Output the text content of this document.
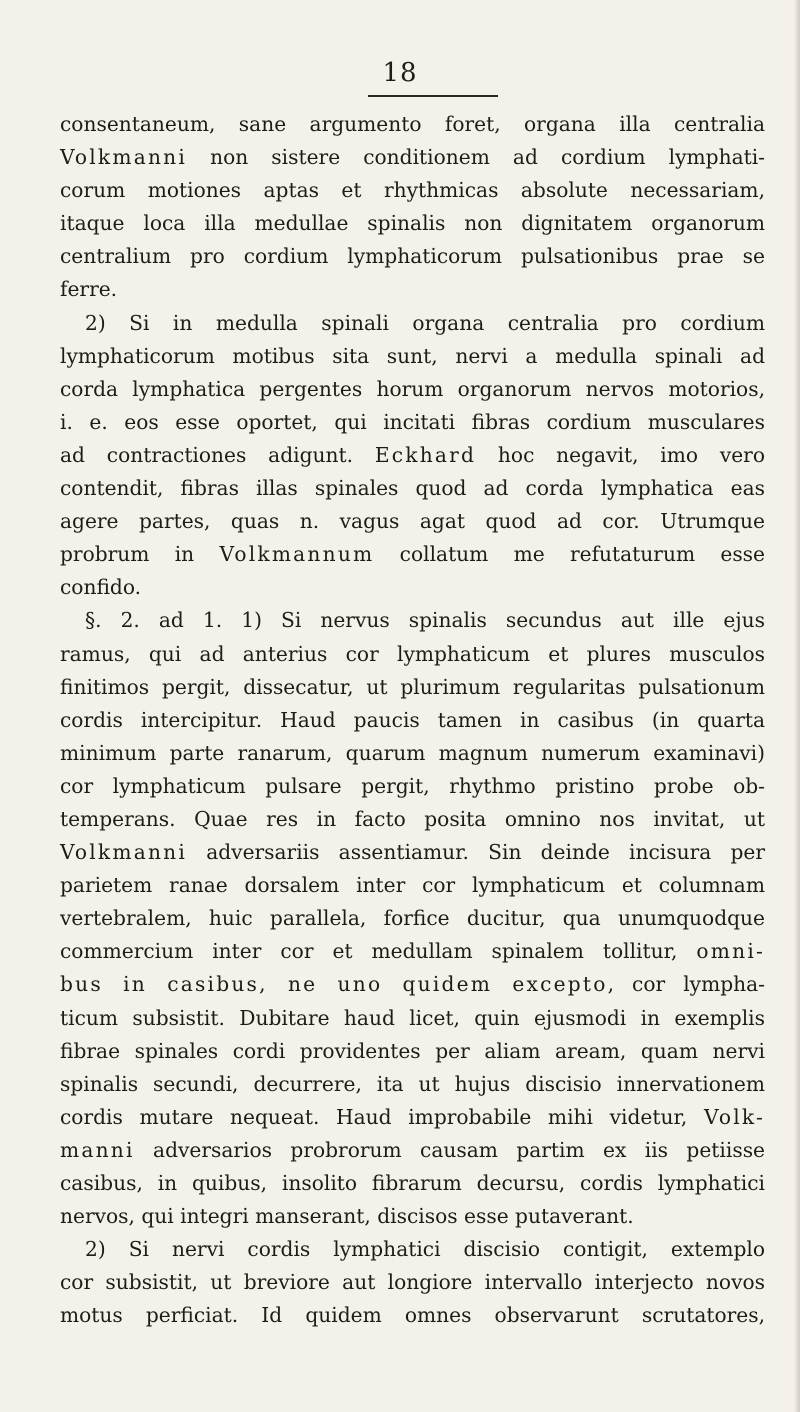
18
consentaneum, sane argumento foret, organa illa centralia
Volkmanni non sistere conditionem ad cordium lymphati-
corum motiones aptas et rhythmicas absolute necessariam,
itaque loca illa medullae spinalis non dignitatem organorum
centralium pro cordium lymphaticorum pulsationibus prae se
ferre.
2) Si in medulla spinali organa centralia pro cordium
lymphaticorum motibus sita sunt, nervi a medulla spinali ad
corda lymphatica pergentes horum organorum nervos motorios,
i. e. eos esse oportet, qui incitati fibras cordium musculares
ad contractiones adigunt. Eckhard hoc negavit, imo vero
contendit, fibras illas spinales quod ad corda lymphatica eas
agere partes, quas n. vagus agat quod ad cor. Utrumque
probrum in Volkmannum collatum me refutaturum esse
confido.
§. 2. ad 1. 1) Si nervus spinalis secundus aut ille ejus
ramus, qui ad anterius cor lymphaticum et plures musculos
finitimos pergit, dissecatur, ut plurimum regularitas pulsationum
cordis intercipitur. Haud paucis tamen in casibus (in quarta
minimum parte ranarum, quarum magnum numerum examinavi)
cor lymphaticum pulsare pergit, rhythmo pristino probe ob-
temperans. Quae res in facto posita omnino nos invitat, ut
Volkmanni adversariis assentiamur. Sin deinde incisura per
parietem ranae dorsalem inter cor lymphaticum et columnam
vertebralem, huic parallela, forfice ducitur, qua unumquodque
commercium inter cor et medullam spinalem tollitur, omni-
bus in casibus, ne uno quidem excepto, cor lympha-
ticum subsistit. Dubitare haud licet, quin ejusmodi in exemplis
fibrae spinales cordi providentes per aliam aream, quam nervi
spinalis secundi, decurrere, ita ut hujus discisio innervationem
cordis mutare nequeat. Haud improbabile mihi videtur, Volk-
manni adversarios probrorum causam partim ex iis petiisse
casibus, in quibus, insolito fibrarum decursu, cordis lymphatici
nervos, qui integri manserant, discisos esse putaverant.
2) Si nervi cordis lymphatici discisio contigit, extemplo
cor subsistit, ut breviore aut longiore intervallo interjecto novos
motus perficiat. Id quidem omnes observarunt scrutatores,
